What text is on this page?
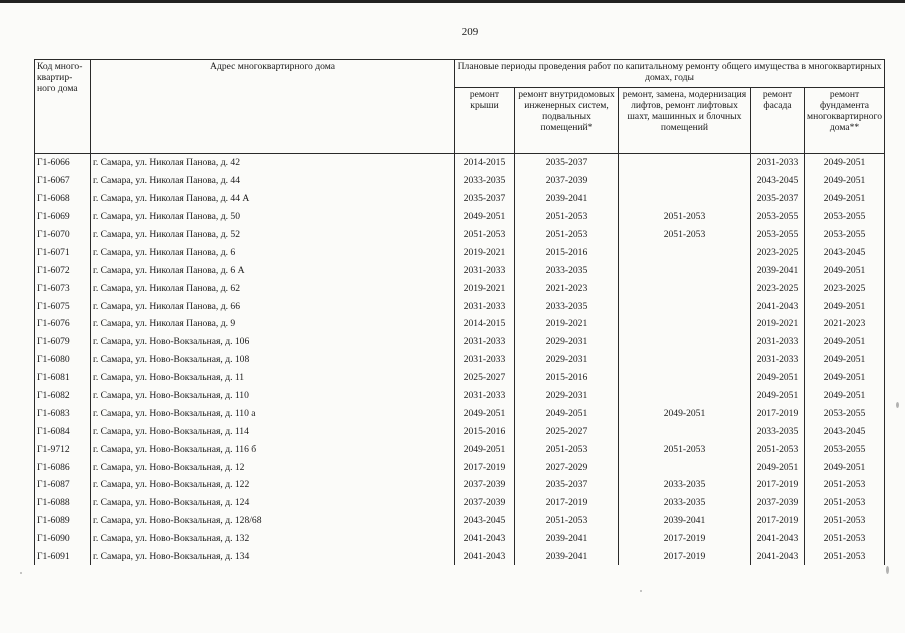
209
Код много-квартир-ного дома	Адрес многоквартирного дома	Плановые периоды проведения работ по капитальному ремонту общего имущества в многоквартирных домах, годы				
		ремонт крыши	ремонт внутридомовых инженерных систем, подвальных помещений*	ремонт, замена, модернизация лифтов, ремонт лифтовых шахт, машинных и блочных помещений	ремонт фасада	ремонт фундамента многоквартирного дома**
Г1-6066	г. Самара, ул. Николая Панова, д. 42	2014-2015	2035-2037		2031-2033	2049-2051
Г1-6067	г. Самара, ул. Николая Панова, д. 44	2033-2035	2037-2039		2043-2045	2049-2051
Г1-6068	г. Самара, ул. Николая Панова, д. 44 А	2035-2037	2039-2041		2035-2037	2049-2051
Г1-6069	г. Самара, ул. Николая Панова, д. 50	2049-2051	2051-2053	2051-2053	2053-2055	2053-2055
Г1-6070	г. Самара, ул. Николая Панова, д. 52	2051-2053	2051-2053	2051-2053	2053-2055	2053-2055
Г1-6071	г. Самара, ул. Николая Панова, д. 6	2019-2021	2015-2016		2023-2025	2043-2045
Г1-6072	г. Самара, ул. Николая Панова, д. 6 А	2031-2033	2033-2035		2039-2041	2049-2051
Г1-6073	г. Самара, ул. Николая Панова, д. 62	2019-2021	2021-2023		2023-2025	2023-2025
Г1-6075	г. Самара, ул. Николая Панова, д. 66	2031-2033	2033-2035		2041-2043	2049-2051
Г1-6076	г. Самара, ул. Николая Панова, д. 9	2014-2015	2019-2021		2019-2021	2021-2023
Г1-6079	г. Самара, ул. Ново-Вокзальная, д. 106	2031-2033	2029-2031		2031-2033	2049-2051
Г1-6080	г. Самара, ул. Ново-Вокзальная, д. 108	2031-2033	2029-2031		2031-2033	2049-2051
Г1-6081	г. Самара, ул. Ново-Вокзальная, д. 11	2025-2027	2015-2016		2049-2051	2049-2051
Г1-6082	г. Самара, ул. Ново-Вокзальная, д. 110	2031-2033	2029-2031		2049-2051	2049-2051
Г1-6083	г. Самара, ул. Ново-Вокзальная, д. 110 а	2049-2051	2049-2051	2049-2051	2017-2019	2053-2055
Г1-6084	г. Самара, ул. Ново-Вокзальная, д. 114	2015-2016	2025-2027		2033-2035	2043-2045
Г1-9712	г. Самара, ул. Ново-Вокзальная, д. 116 б	2049-2051	2051-2053	2051-2053	2051-2053	2053-2055
Г1-6086	г. Самара, ул. Ново-Вокзальная, д. 12	2017-2019	2027-2029		2049-2051	2049-2051
Г1-6087	г. Самара, ул. Ново-Вокзальная, д. 122	2037-2039	2035-2037	2033-2035	2017-2019	2051-2053
Г1-6088	г. Самара, ул. Ново-Вокзальная, д. 124	2037-2039	2017-2019	2033-2035	2037-2039	2051-2053
Г1-6089	г. Самара, ул. Ново-Вокзальная, д. 128/68	2043-2045	2051-2053	2039-2041	2017-2019	2051-2053
Г1-6090	г. Самара, ул. Ново-Вокзальная, д. 132	2041-2043	2039-2041	2017-2019	2041-2043	2051-2053
Г1-6091	г. Самара, ул. Ново-Вокзальная, д. 134	2041-2043	2039-2041	2017-2019	2041-2043	2051-2053
